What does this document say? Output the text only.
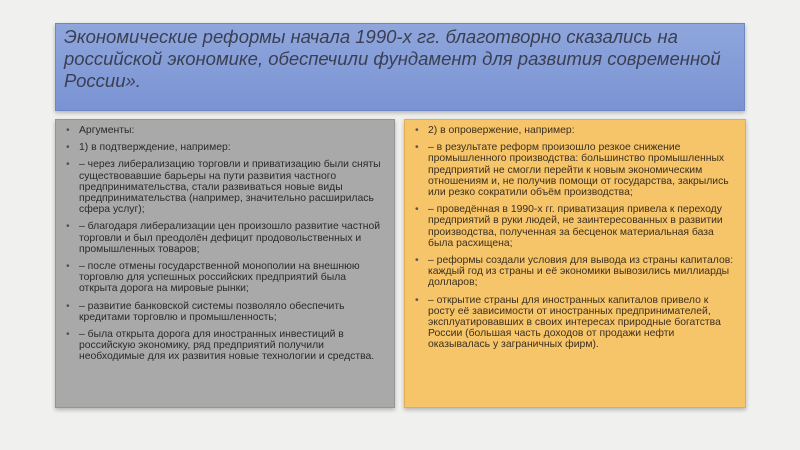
Экономические реформы начала 1990-х гг. благотворно сказались на российской экономике, обеспечили фундамент для развития современной России».

• Аргументы:
• 1) в подтверждение, например:
• – через либерализацию торговли и приватизацию были сняты существовавшие барьеры на пути развития частного предпринимательства, стали развиваться новые виды предпринимательства (например, значительно расширилась сфера услуг);
• – благодаря либерализации цен произошло развитие частной торговли и был преодолён дефицит продовольственных и промышленных товаров;
• – после отмены государственной монополии на внешнюю торговлю для успешных российских предприятий была открыта дорога на мировые рынки;
• – развитие банковской системы позволяло обеспечить кредитами торговлю и промышленность;
• – была открыта дорога для иностранных инвестиций в российскую экономику, ряд предприятий получили необходимые для их развития новые технологии и средства.
• 2) в опровержение, например:
• – в результате реформ произошло резкое снижение промышленного производства: большинство промышленных предприятий не смогли перейти к новым экономическим отношениям и, не получив помощи от государства, закрылись или резко сократили объём производства;
• – проведённая в 1990-х гг. приватизация привела к переходу предприятий в руки людей, не заинтересованных в развитии производства, полученная за бесценок материальная база была расхищена;
• – реформы создали условия для вывода из страны капиталов: каждый год из страны и её экономики вывозились миллиарды долларов;
• – открытие страны для иностранных капиталов привело к росту её зависимости от иностранных предпринимателей, эксплуатировавших в своих интересах природные богатства России (большая часть доходов от продажи нефти оказывалась у заграничных фирм).
